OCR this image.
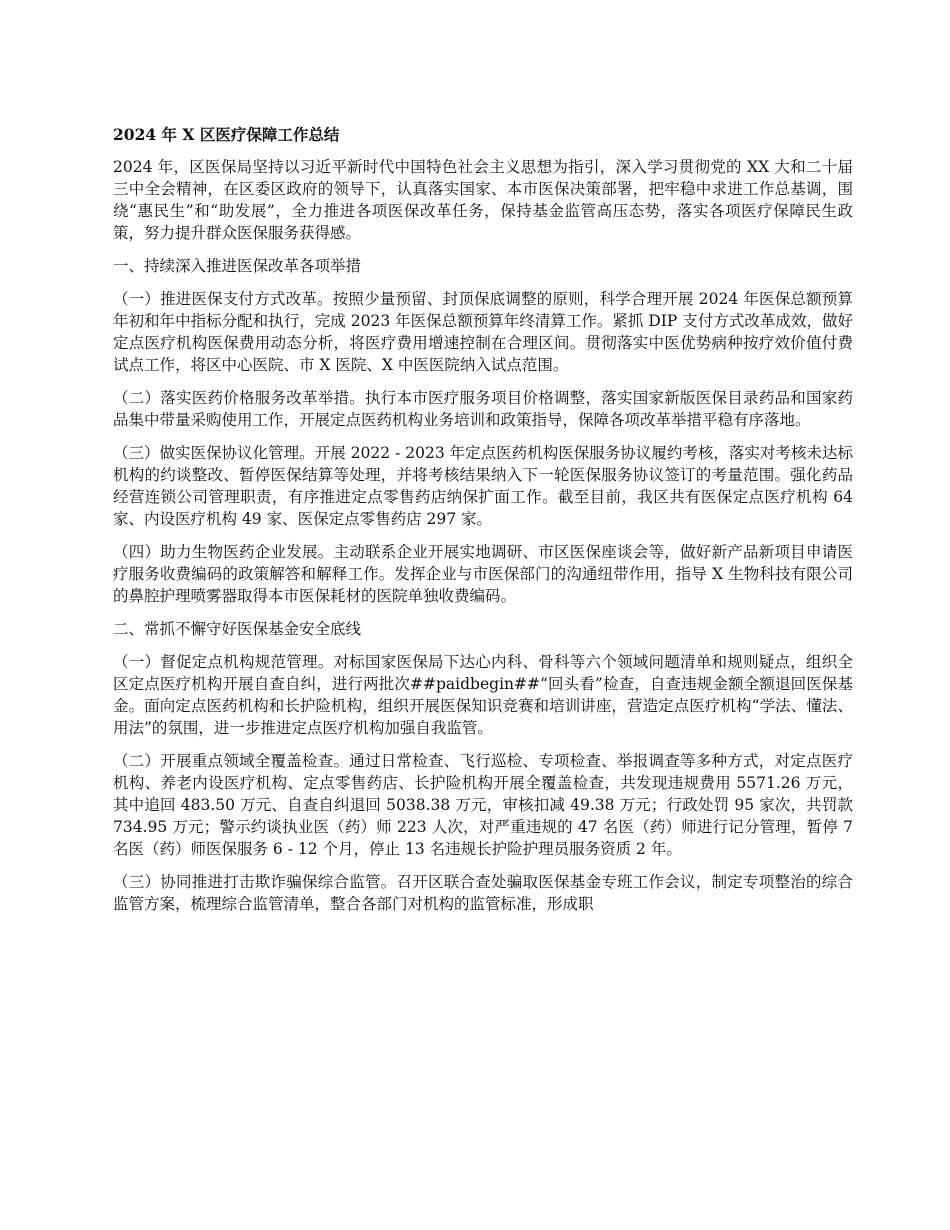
2024 年 X 区医疗保障工作总结
2024 年，区医保局坚持以习近平新时代中国特色社会主义思想为指引，深入学习贯彻党的 XX 大和二十届三中全会精神，在区委区政府的领导下，认真落实国家、本市医保决策部署，把牢稳中求进工作总基调，围绕“惠民生”和“助发展”，全力推进各项医保改革任务，保持基金监管高压态势，落实各项医疗保障民生政策，努力提升群众医保服务获得感。
一、持续深入推进医保改革各项举措
（一）推进医保支付方式改革。按照少量预留、封顶保底调整的原则，科学合理开展 2024 年医保总额预算年初和年中指标分配和执行，完成 2023 年医保总额预算年终清算工作。紧抓 DIP 支付方式改革成效，做好定点医疗机构医保费用动态分析，将医疗费用增速控制在合理区间。贯彻落实中医优势病种按疗效价值付费试点工作，将区中心医院、市 X 医院、X 中医医院纳入试点范围。
（二）落实医药价格服务改革举措。执行本市医疗服务项目价格调整，落实国家新版医保目录药品和国家药品集中带量采购使用工作，开展定点医药机构业务培训和政策指导，保障各项改革举措平稳有序落地。
（三）做实医保协议化管理。开展 2022 - 2023 年定点医药机构医保服务协议履约考核，落实对考核未达标机构的约谈整改、暂停医保结算等处理，并将考核结果纳入下一轮医保服务协议签订的考量范围。强化药品经营连锁公司管理职责，有序推进定点零售药店纳保扩面工作。截至目前，我区共有医保定点医疗机构 64 家、内设医疗机构 49 家、医保定点零售药店 297 家。
（四）助力生物医药企业发展。主动联系企业开展实地调研、市区医保座谈会等，做好新产品新项目申请医疗服务收费编码的政策解答和解释工作。发挥企业与市医保部门的沟通纽带作用，指导 X 生物科技有限公司的鼻腔护理喷雾器取得本市医保耗材的医院单独收费编码。
二、常抓不懈守好医保基金安全底线
（一）督促定点机构规范管理。对标国家医保局下达心内科、骨科等六个领域问题清单和规则疑点，组织全区定点医疗机构开展自查自纠，进行两批次##paidbegin##“回头看”检查，自查违规金额全额退回医保基金。面向定点医药机构和长护险机构，组织开展医保知识竞赛和培训讲座，营造定点医疗机构“学法、懂法、用法”的氛围，进一步推进定点医疗机构加强自我监管。
（二）开展重点领域全覆盖检查。通过日常检查、飞行巡检、专项检查、举报调查等多种方式，对定点医疗机构、养老内设医疗机构、定点零售药店、长护险机构开展全覆盖检查，共发现违规费用 5571.26 万元，其中追回 483.50 万元、自查自纠退回 5038.38 万元，审核扣减 49.38 万元；行政处罚 95 家次，共罚款 734.95 万元；警示约谈执业医（药）师 223 人次，对严重违规的 47 名医（药）师进行记分管理，暂停 7 名医（药）师医保服务 6 - 12 个月，停止 13 名违规长护险护理员服务资质 2 年。
（三）协同推进打击欺诈骗保综合监管。召开区联合查处骗取医保基金专班工作会议，制定专项整治的综合监管方案，梳理综合监管清单，整合各部门对机构的监管标准，形成职
